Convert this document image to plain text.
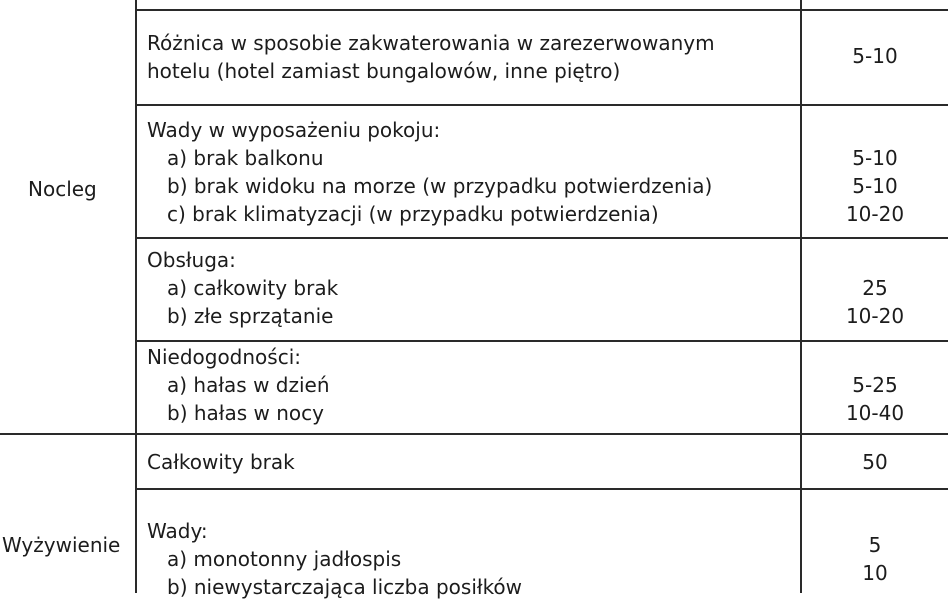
Nocleg
Wyżywienie
Różnica w sposobie zakwaterowania w zarezerwowanym
hotelu (hotel zamiast bungalowów, inne piętro)
5-10
Wady w wyposażeniu pokoju:
a) brak balkonu
b) brak widoku na morze (w przypadku potwierdzenia)
c) brak klimatyzacji (w przypadku potwierdzenia)
5-10
5-10
10-20
Obsługa:
a) całkowity brak
b) złe sprzątanie
25
10-20
Niedogodności:
a) hałas w dzień
b) hałas w nocy
5-25
10-40
Całkowity brak	50
Wady:
a) monotonny jadłospis
b) niewystarczająca liczba posiłków
5
10
